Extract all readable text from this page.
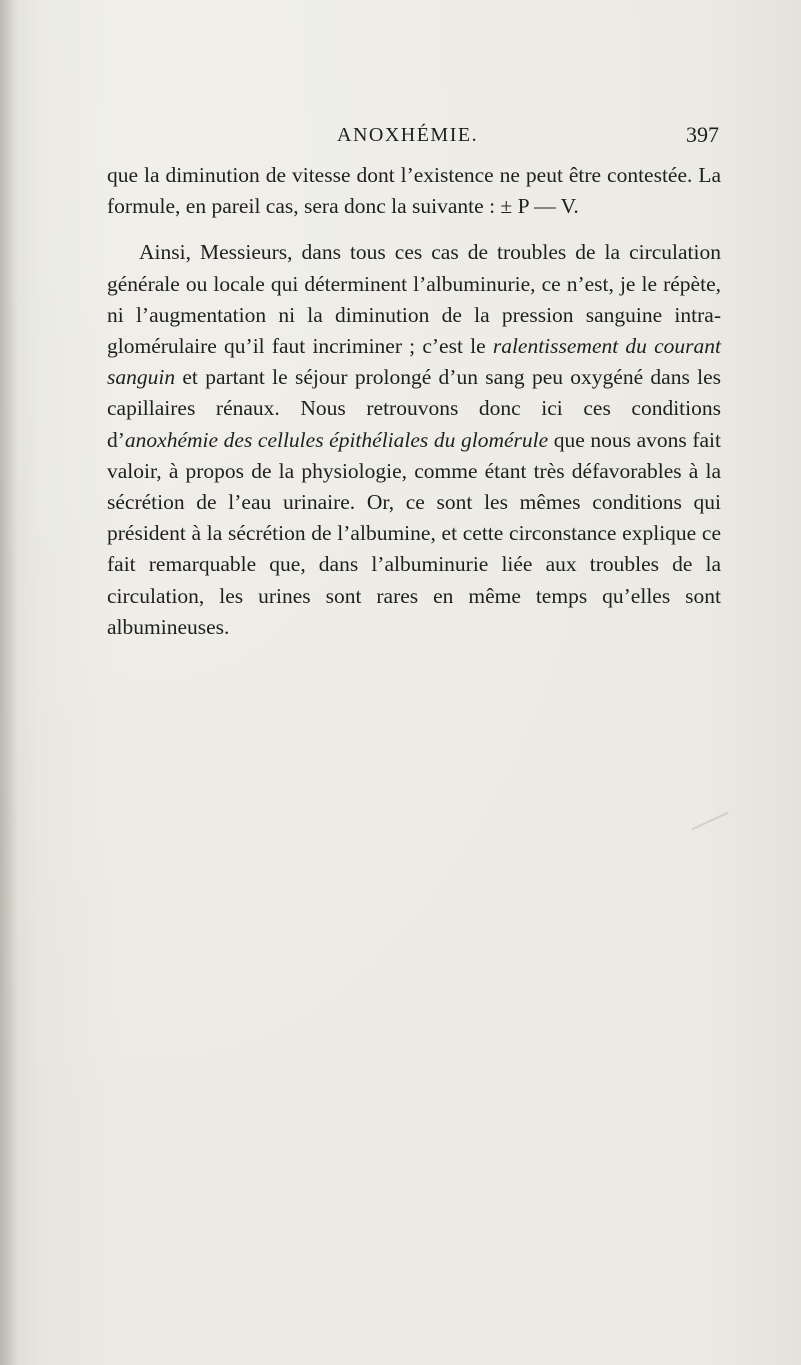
ANOXHÉMIE.	397

que la diminution de vitesse dont l’existence ne peut être contestée. La formule, en pareil cas, sera donc la suivante : ± P — V.

Ainsi, Messieurs, dans tous ces cas de troubles de la circulation générale ou locale qui déterminent l’albuminurie, ce n’est, je le répète, ni l’augmentation ni la diminution de la pression sanguine intra-glomérulaire qu’il faut incriminer ; c’est le ralentissement du courant sanguin et partant le séjour prolongé d’un sang peu oxygéné dans les capillaires rénaux. Nous retrouvons donc ici ces conditions d’anoxhémie des cellules épithéliales du glomérule que nous avons fait valoir, à propos de la physiologie, comme étant très défavorables à la sécrétion de l’eau urinaire. Or, ce sont les mêmes conditions qui président à la sécrétion de l’albumine, et cette circonstance explique ce fait remarquable que, dans l’albuminurie liée aux troubles de la circulation, les urines sont rares en même temps qu’elles sont albumineuses.
